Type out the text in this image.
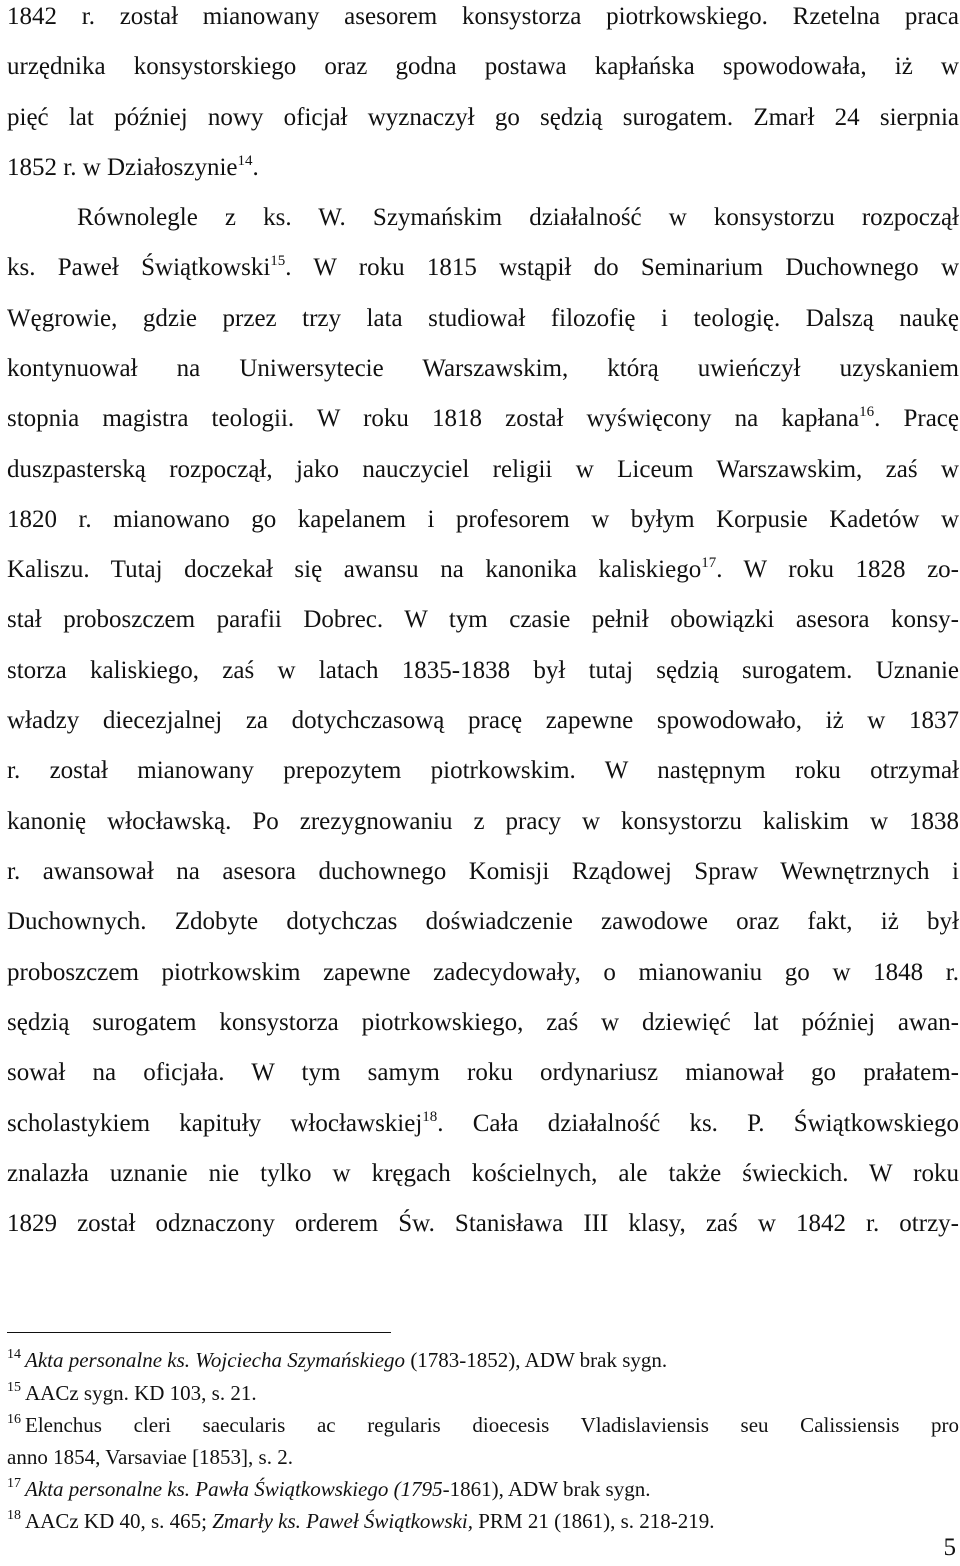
1842 r. został mianowany asesorem konsystorza piotrkowskiego. Rzetelna praca
urzędnika konsystorskiego oraz godna postawa kapłańska spowodowała, iż w
pięć lat później nowy oficjał wyznaczył go sędzią surogatem. Zmarł 24 sierpnia
1852 r. w Działoszynie$^{14}$.
Równolegle z ks. W. Szymańskim działalność w konsystorzu rozpoczął
ks. Paweł Świątkowski$^{15}$. W roku 1815 wstąpił do Seminarium Duchownego w
Węgrowie, gdzie przez trzy lata studiował filozofię i teologię. Dalszą naukę
kontynuował na Uniwersytecie Warszawskim, którą uwieńczył uzyskaniem
stopnia magistra teologii. W roku 1818 został wyświęcony na kapłana$^{16}$. Pracę
duszpasterską rozpoczął, jako nauczyciel religii w Liceum Warszawskim, zaś w
1820 r. mianowano go kapelanem i profesorem w byłym Korpusie Kadetów w
Kaliszu. Tutaj doczekał się awansu na kanonika kaliskiego$^{17}$. W roku 1828 zo-
stał proboszczem parafii Dobrec. W tym czasie pełnił obowiązki asesora konsy-
storza kaliskiego, zaś w latach 1835-1838 był tutaj sędzią surogatem. Uznanie
władzy diecezjalnej za dotychczasową pracę zapewne spowodowało, iż w 1837
r. został mianowany prepozytem piotrkowskim. W następnym roku otrzymał
kanonię włocławską. Po zrezygnowaniu z pracy w konsystorzu kaliskim w 1838
r. awansował na asesora duchownego Komisji Rządowej Spraw Wewnętrznych i
Duchownych. Zdobyte dotychczas doświadczenie zawodowe oraz fakt, iż był
proboszczem piotrkowskim zapewne zadecydowały, o mianowaniu go w 1848 r.
sędzią surogatem konsystorza piotrkowskiego, zaś w dziewięć lat później awan-
sował na oficjała. W tym samym roku ordynariusz mianował go prałatem-
scholastykiem kapituły włocławskiej$^{18}$. Cała działalność ks. P. Świątkowskiego
znalazła uznanie nie tylko w kręgach kościelnych, ale także świeckich. W roku
1829 został odznaczony orderem Św. Stanisława III klasy, zaś w 1842 r. otrzy-
$^{14}$ Akta personalne ks. Wojciecha Szymańskiego (1783-1852), ADW brak sygn.
$^{15}$ AACz sygn. KD 103, s. 21.
$^{16}$ Elenchus cleri saecularis ac regularis dioecesis Vladislaviensis seu Calissiensis pro
anno 1854, Varsaviae [1853], s. 2.
$^{17}$ Akta personalne ks. Pawła Świątkowskiego (1795-1861), ADW brak sygn.
$^{18}$ AACz KD 40, s. 465; Zmarły ks. Paweł Świątkowski, PRM 21 (1861), s. 218-219.
5
